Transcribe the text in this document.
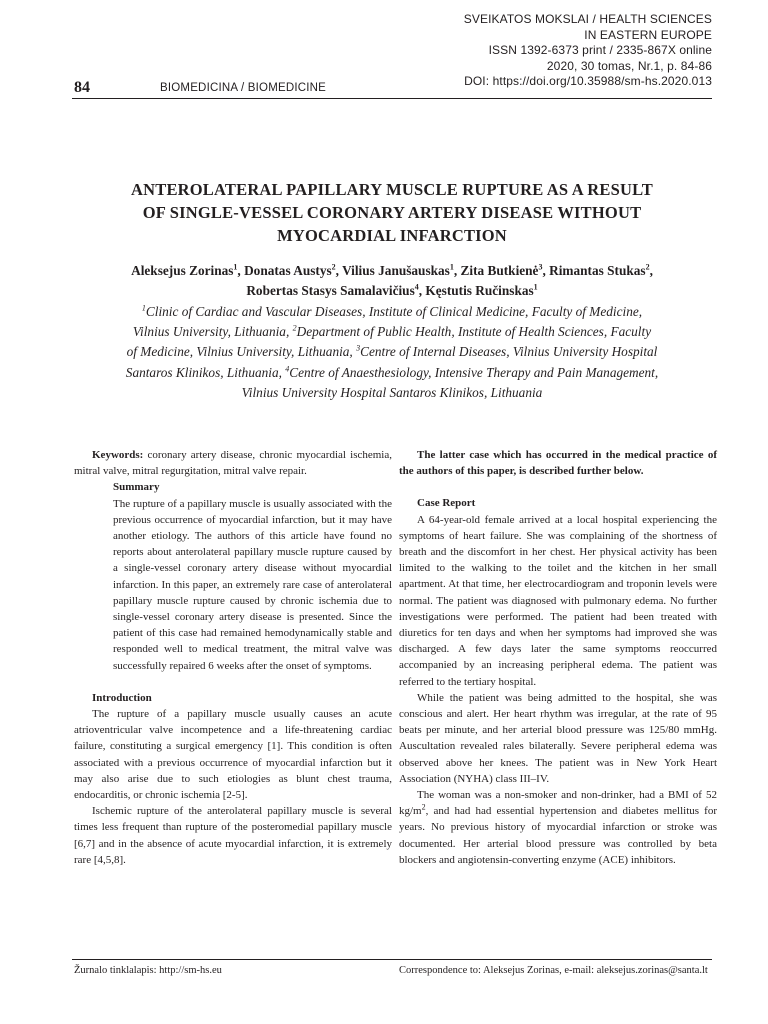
SVEIKATOS MOKSLAI / HEALTH SCIENCES
IN EASTERN EUROPE
ISSN 1392-6373 print / 2335-867X online
2020, 30 tomas, Nr.1, p. 84-86
DOI: https://doi.org/10.35988/sm-hs.2020.013
84	BIOMEDICINA / BIOMEDICINE
ANTEROLATERAL PAPILLARY MUSCLE RUPTURE AS A RESULT
OF SINGLE-VESSEL CORONARY ARTERY DISEASE WITHOUT
MYOCARDIAL INFARCTION
Aleksejus Zorinas$^1$, Donatas Austys$^2$, Vilius Janušauskas$^1$, Zita Butkienė$^3$, Rimantas Stukas$^2$,
Robertas Stasys Samalavičius$^4$, Kęstutis Ručinskas$^1$
$^1$Clinic of Cardiac and Vascular Diseases, Institute of Clinical Medicine, Faculty of Medicine,
Vilnius University, Lithuania, $^2$Department of Public Health, Institute of Health Sciences, Faculty
of Medicine, Vilnius University, Lithuania, $^3$Centre of Internal Diseases, Vilnius University Hospital
Santaros Klinikos, Lithuania, $^4$Centre of Anaesthesiology, Intensive Therapy and Pain Management,
Vilnius University Hospital Santaros Klinikos, Lithuania

Keywords: coronary artery disease, chronic myocardial ischemia, mitral valve, mitral regurgitation, mitral valve repair.

Summary

The rupture of a papillary muscle is usually associated with the previous occurrence of myocardial infarction, but it may have another etiology. The authors of this article have found no reports about anterolateral papillary muscle rupture caused by a single-vessel coronary artery disease without myocardial infarction. In this paper, an extremely rare case of anterolateral papillary muscle rupture caused by chronic ischemia due to single-vessel coronary artery disease is presented. Since the patient of this case had remained hemodynamically stable and responded well to medical treatment, the mitral valve was successfully repaired 6 weeks after the onset of symptoms.

Introduction

The rupture of a papillary muscle usually causes an acute atrioventricular valve incompetence and a life-threatening cardiac failure, constituting a surgical emergency [1]. This condition is often associated with a previous occurrence of myocardial infarction but it may also arise due to such etiologies as blunt chest trauma, endocarditis, or chronic ischemia [2-5].

Ischemic rupture of the anterolateral papillary muscle is several times less frequent than rupture of the posteromedial papillary muscle [6,7] and in the absence of acute myocardial infarction, it is extremely rare [4,5,8].

The latter case which has occurred in the medical practice of the authors of this paper, is described further below.

Case Report

A 64-year-old female arrived at a local hospital experiencing the symptoms of heart failure. She was complaining of the shortness of breath and the discomfort in her chest. Her physical activity has been limited to the walking to the toilet and the kitchen in her small apartment. At that time, her electrocardiogram and troponin levels were normal. The patient was diagnosed with pulmonary edema. No further investigations were performed. The patient had been treated with diuretics for ten days and when her symptoms had improved she was discharged. A few days later the same symptoms reoccurred accompanied by an increasing peripheral edema. The patient was referred to the tertiary hospital.

While the patient was being admitted to the hospital, she was conscious and alert. Her heart rhythm was irregular, at the rate of 95 beats per minute, and her arterial blood pressure was 125/80 mmHg. Auscultation revealed rales bilaterally. Severe peripheral edema was observed above her knees. The patient was in New York Heart Association (NYHA) class III–IV.

The woman was a non-smoker and non-drinker, had a BMI of 52 $kg/m^2$, and had had essential hypertension and diabetes mellitus for years. No previous history of myocardial infarction or stroke was documented. Her arterial blood pressure was controlled by beta blockers and angiotensin-converting enzyme (ACE) inhibitors.

Žurnalo tinklalapis: http://sm-hs.eu	Correspondence to: Aleksejus Zorinas, e-mail: aleksejus.zorinas@santa.lt
